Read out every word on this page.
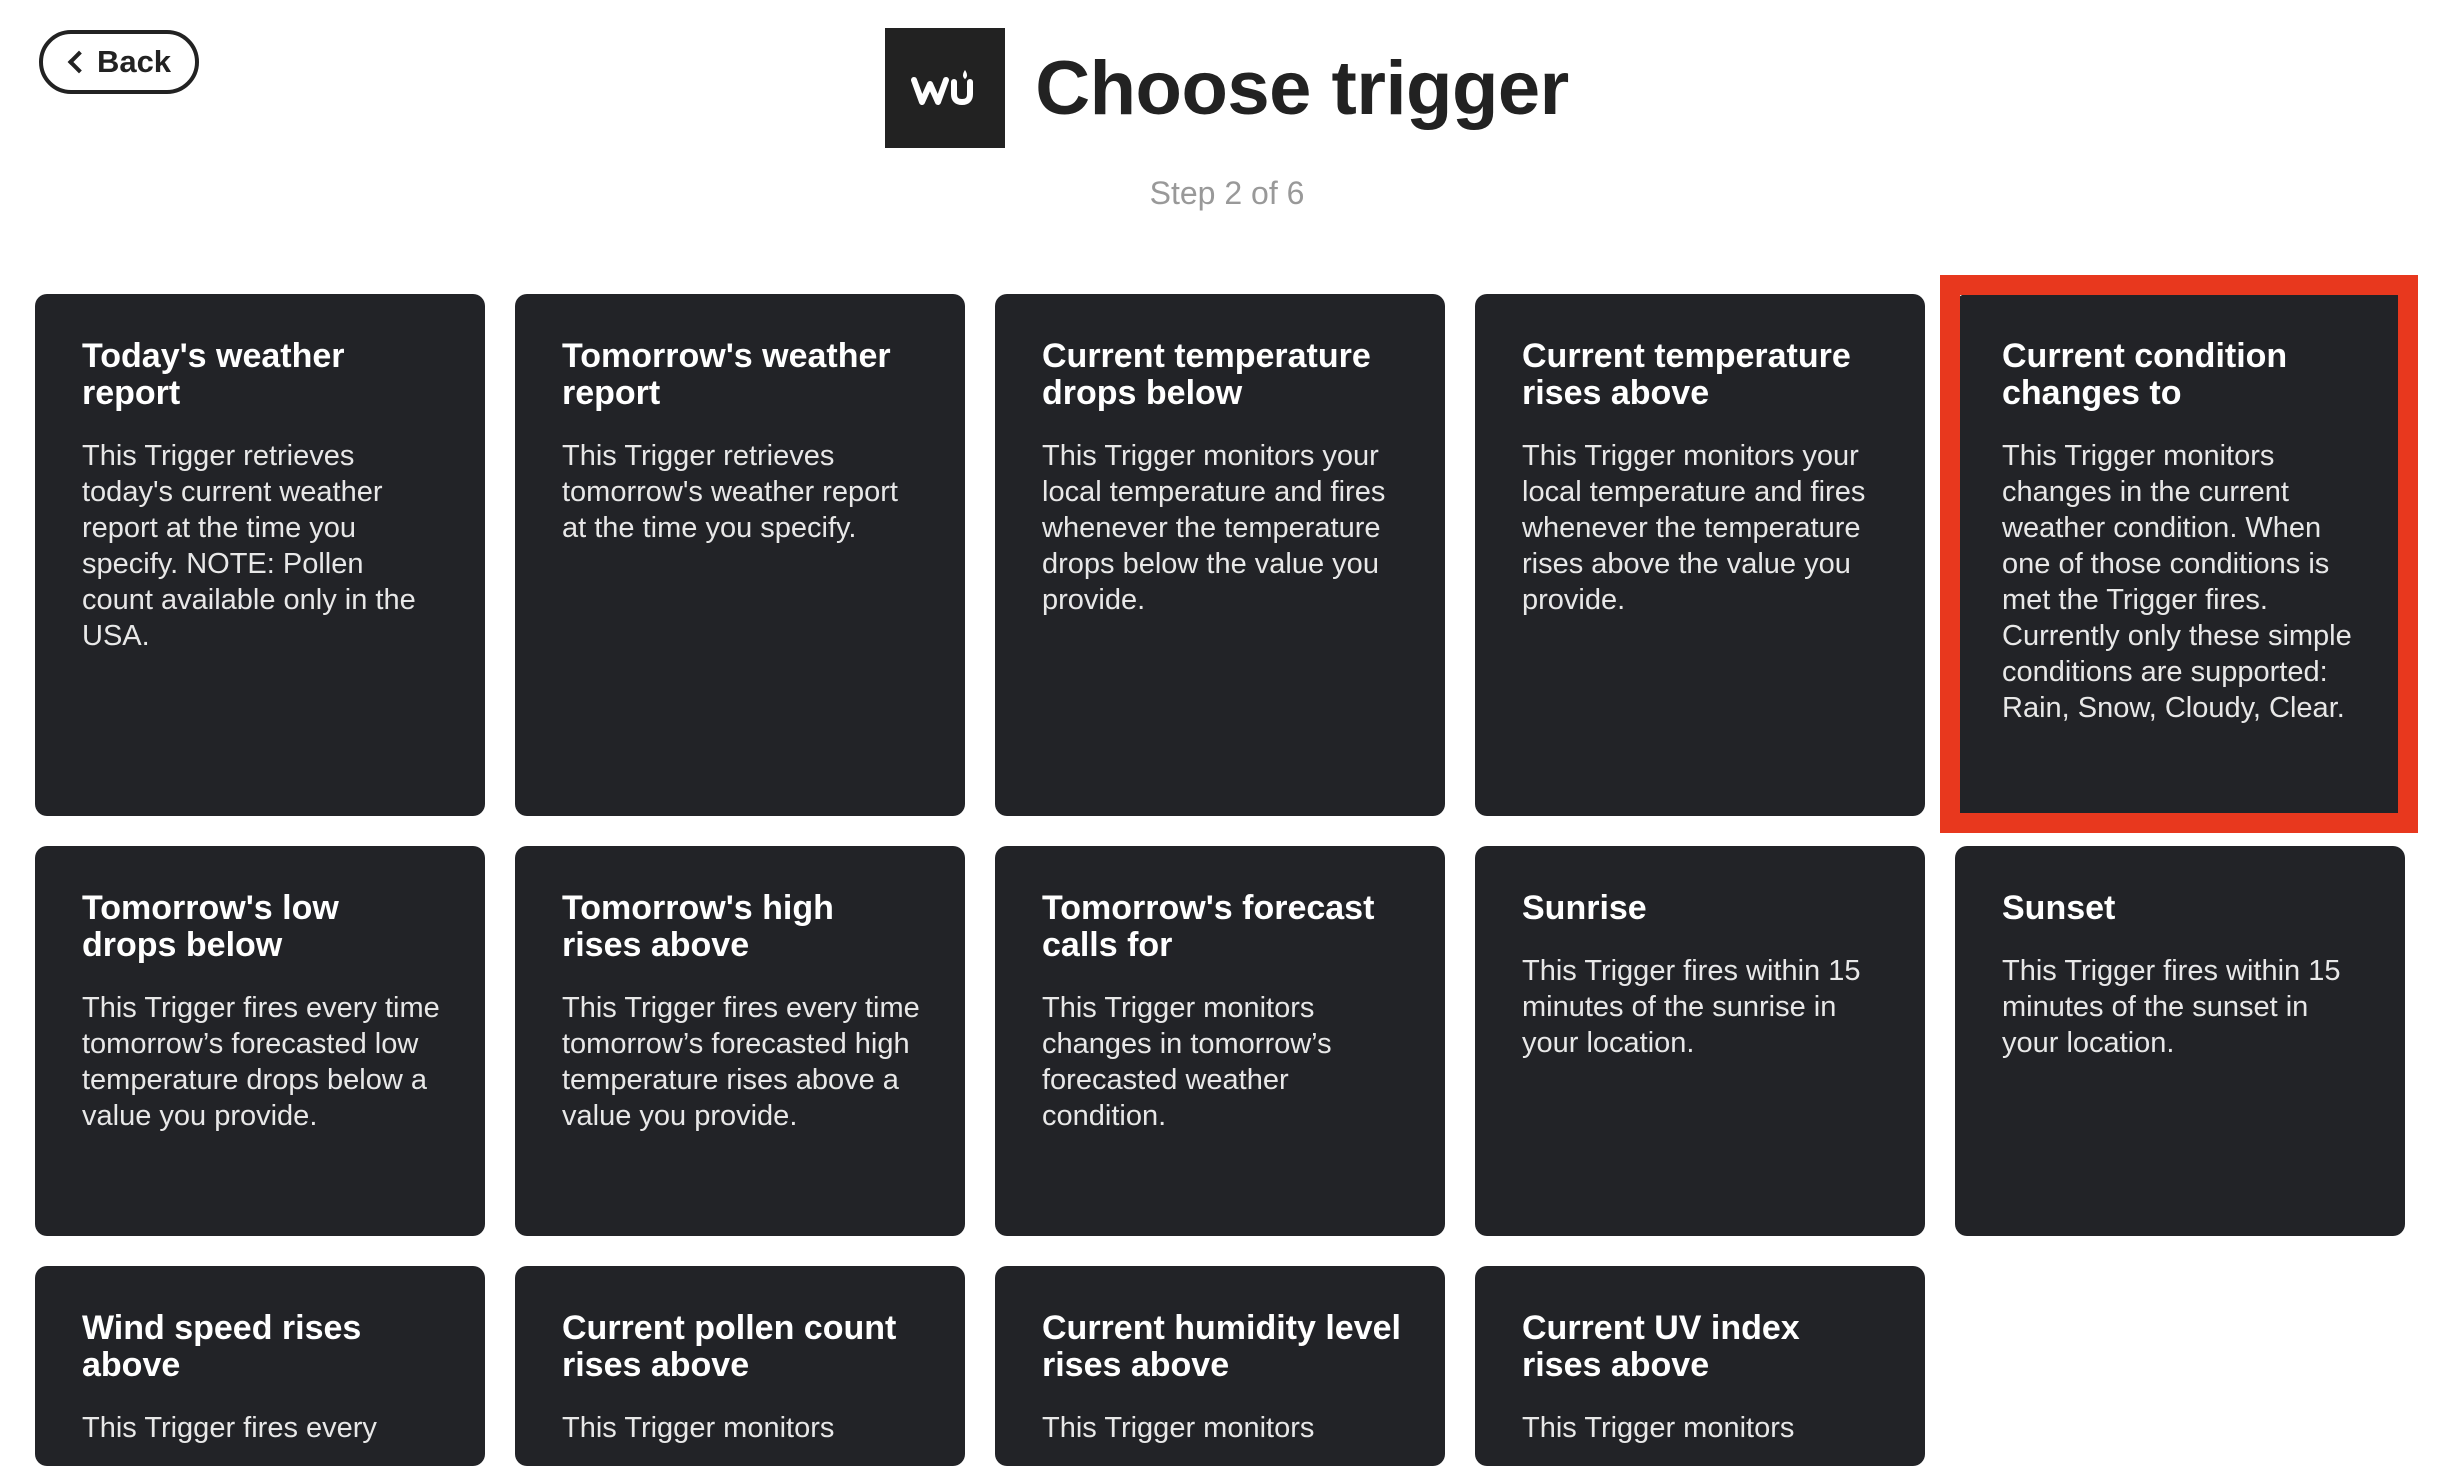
Back	Choose trigger
Step 2 of 6

Today's weather report

This Trigger retrieves today's current weather report at the time you specify. NOTE: Pollen count available only in the USA.

Tomorrow's weather report

This Trigger retrieves tomorrow's weather report at the time you specify.

Current temperature drops below

This Trigger monitors your local temperature and fires whenever the temperature drops below the value you provide.

Current temperature rises above

This Trigger monitors your local temperature and fires whenever the temperature rises above the value you provide.

Current condition changes to

This Trigger monitors changes in the current weather condition. When one of those conditions is met the Trigger fires. Currently only these simple conditions are supported: Rain, Snow, Cloudy, Clear.

Tomorrow's low drops below

This Trigger fires every time tomorrow’s forecasted low temperature drops below a value you provide.

Tomorrow's high rises above

This Trigger fires every time tomorrow’s forecasted high temperature rises above a value you provide.

Tomorrow's forecast calls for

This Trigger monitors changes in tomorrow’s forecasted weather condition.

Sunrise

This Trigger fires within 15 minutes of the sunrise in your location.

Sunset

This Trigger fires within 15 minutes of the sunset in your location.

Wind speed rises above

This Trigger fires every

Current pollen count rises above

This Trigger monitors

Current humidity level rises above

This Trigger monitors

Current UV index rises above

This Trigger monitors
